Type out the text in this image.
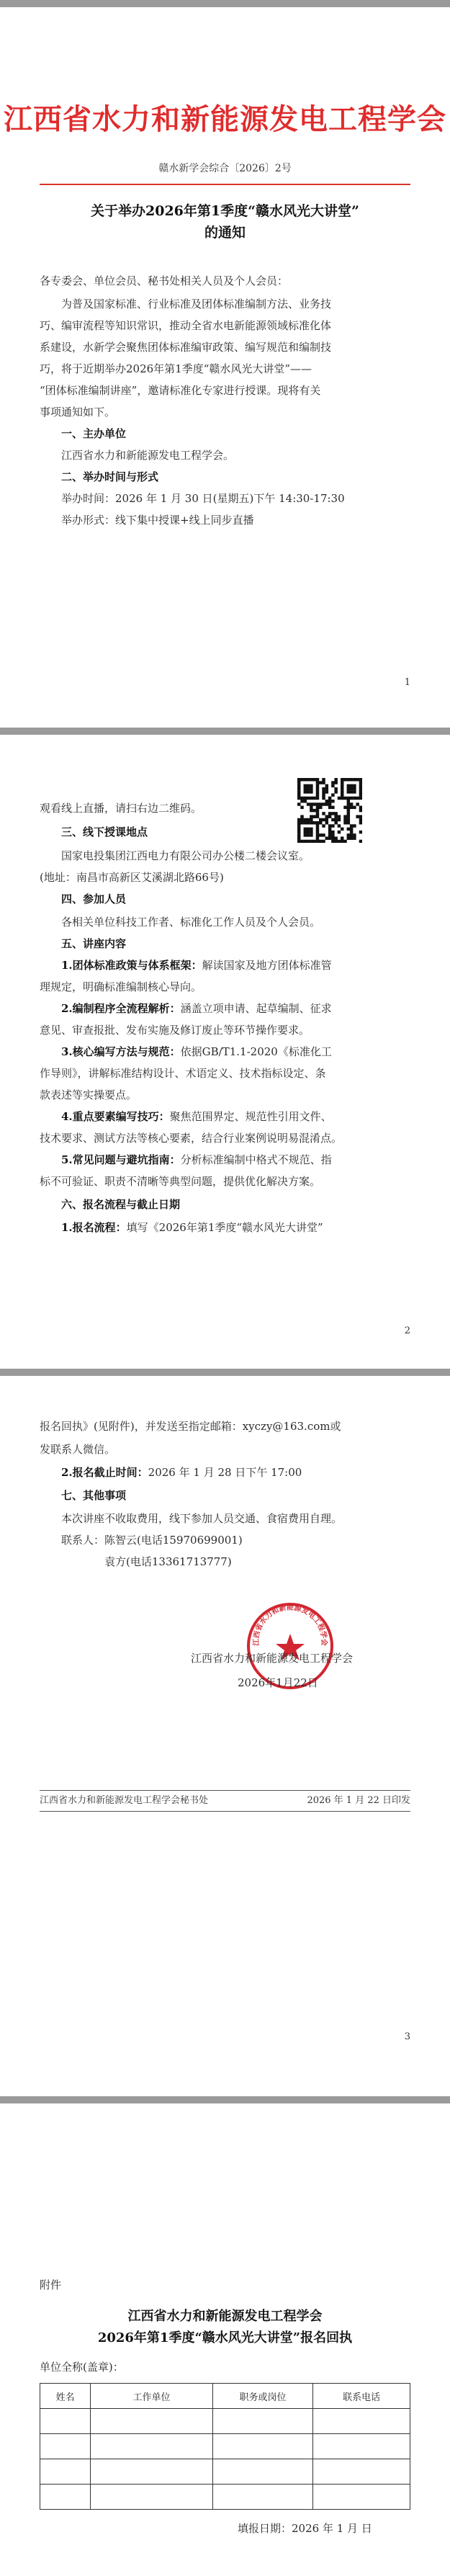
江西省水力和新能源发电工程学会
赣水新学会综合〔2026〕2号
关于举办2026年第1季度“赣水风光大讲堂”
的通知
各专委会、单位会员、秘书处相关人员及个人会员：
为普及国家标准、行业标准及团体标准编制方法、业务技
巧、编审流程等知识常识，推动全省水电新能源领域标准化体
系建设，水新学会聚焦团体标准编审政策、编写规范和编制技
巧，将于近期举办2026年第1季度“赣水风光大讲堂”——
“团体标准编制讲座”，邀请标准化专家进行授课。现将有关
事项通知如下。
一、主办单位
江西省水力和新能源发电工程学会。
二、举办时间与形式
举办时间：2026 年 1 月 30 日(星期五)下午 14:30-17:30
举办形式：线下集中授课+线上同步直播
1
观看线上直播，请扫右边二维码。
三、线下授课地点
国家电投集团江西电力有限公司办公楼二楼会议室。
(地址：南昌市高新区艾溪湖北路66号)
四、参加人员
各相关单位科技工作者、标准化工作人员及个人会员。
五、讲座内容
1.团体标准政策与体系框架：解读国家及地方团体标准管
理规定，明确标准编制核心导向。
2.编制程序全流程解析：涵盖立项申请、起草编制、征求
意见、审查报批、发布实施及修订废止等环节操作要求。
3.核心编写方法与规范：依据GB/T1.1-2020《标准化工
作导则》，讲解标准结构设计、术语定义、技术指标设定、条
款表述等实操要点。
4.重点要素编写技巧：聚焦范围界定、规范性引用文件、
技术要求、测试方法等核心要素，结合行业案例说明易混淆点。
5.常见问题与避坑指南：分析标准编制中格式不规范、指
标不可验证、职责不清晰等典型问题，提供优化解决方案。
六、报名流程与截止日期
1.报名流程：填写《2026年第1季度“赣水风光大讲堂”
2
报名回执》(见附件)，并发送至指定邮箱：xyczy@163.com或
发联系人微信。
2.报名截止时间：2026 年 1 月 28 日下午 17:00
七、其他事项
本次讲座不收取费用，线下参加人员交通、食宿费用自理。
联系人：陈智云(电话15970699001)
袁方(电话13361713777)
江西省水力和新能源发电工程学会
江西省水力和新能源发电工程学会
2026年1月22日
江西省水力和新能源发电工程学会秘书处	2026 年 1 月 22 日印发
3
附件
江西省水力和新能源发电工程学会
2026年第1季度“赣水风光大讲堂”报名回执
单位全称(盖章)：
姓名	工作单位	职务或岗位	联系电话

填报日期：2026 年 1 月 日
